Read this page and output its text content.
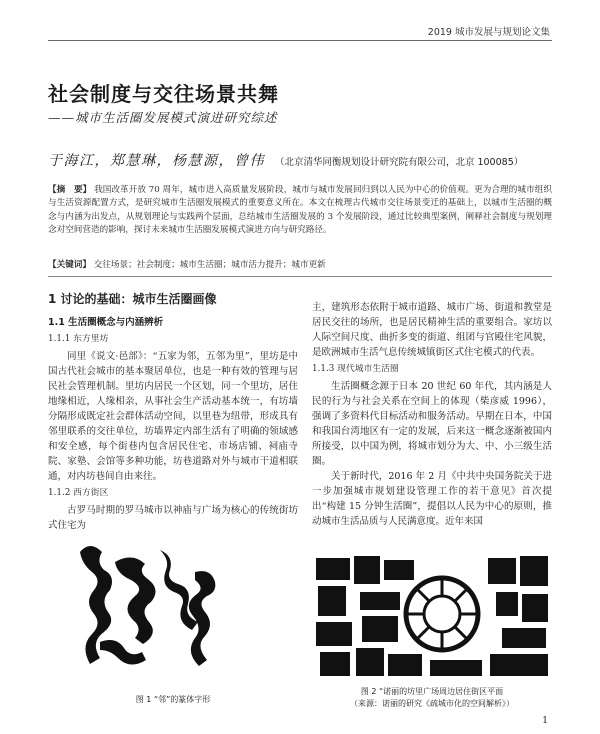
2019 城市发展与规划论文集
社会制度与交往场景共舞
——城市生活圈发展模式演进研究综述
于海江，郑慧琳，杨慧源，曾伟 （北京清华同衡规划设计研究院有限公司，北京 100085）
【摘　要】 我国改革开放 70 周年，城市进入高质量发展阶段，城市与城市发展回归到以人民为中心的价值观。更为合理的城市组织与生活资源配置方式，是研究城市生活圈发展模式的重要意义所在。本文在梳理古代城市交往场景变迁的基础上，以城市生活圈的概念与内涵为出发点，从规划理论与实践两个层面，总结城市生活圈发展的 3 个发展阶段，通过比较典型案例，阐释社会制度与规划理念对空间营造的影响，探讨未来城市生活圈发展模式演进方向与研究路径。
【关键词】 交往场景；社会制度；城市生活圈；城市活力提升；城市更新
1 讨论的基础：城市生活圈画像
1.1 生活圈概念与内涵辨析
1.1.1 东方里坊

同里《说文·邑部》：“五家为邻，五邻为里”，里坊是中国古代社会城市的基本聚居单位，也是一种有效的管理与居民社会管理机制。里坊内居民一个区划，同一个里坊，居住地缘相近，人缘相亲，从事社会生产活动基本统一，有坊墙分隔形成既定社会群体活动空间，以里巷为纽带，形成具有邻里联系的交往单位，坊墙界定内部生活有了明确的领域感和安全感，每个街巷内包含居民住宅、市场店铺、祠庙寺院、家塾、会馆等多种功能，坊巷道路对外与城市干道相联通，对内坊巷间自由来往。

1.1.2 西方街区

古罗马时期的罗马城市以神庙与广场为核心的传统街坊式住宅为

主，建筑形态依附于城市道路、城市广场、街道和教堂是居民交往的场所，也是居民精神生活的重要组合。家坊以人际空间尺度、曲折多变的街道、组团与官殿住宅风貌，是欧洲城市生活气息传统城镇街区式住宅模式的代表。

1.1.3 现代城市生活圈

生活圈概念源于日本 20 世纪 60 年代，其内涵是人民的行为与社会关系在空间上的体现（柴彦威 1996），强调了多资料代目标活动和服务活动。早期在日本，中国和我国台湾地区有一定的发展，后来这一概念逐渐被国内所接受，以中国为例，将城市划分为大、中、小三级生活圈。

关于新时代，2016 年 2 月《中共中央国务院关于进一步加强城市规划建设管理工作的若干意见》首次提出“构建 15 分钟生活圈”，提倡以人民为中心的原则，推动城市生活品质与人民满意度。近年来国

图 1 “邻”的篆体字形
图 2 “诺丽的坊里广场周边居住街区平面
（来源：诺丽的研究《疏城市化的空间解析》）
1
